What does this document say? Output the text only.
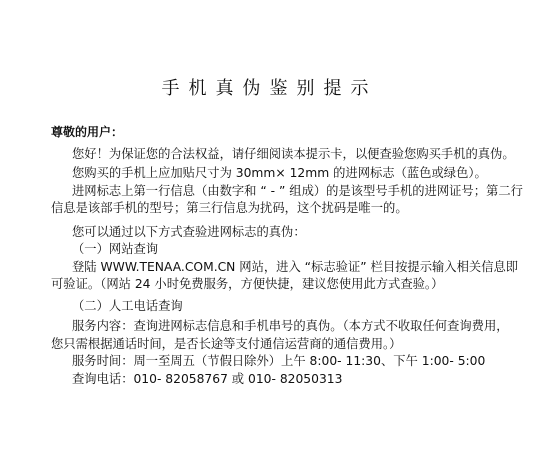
手机真伪鉴别提示
尊敬的用户：
您好！为保证您的合法权益，请仔细阅读本提示卡，以便查验您购买手机的真伪。
您购买的手机上应加贴尺寸为 30mm× 12mm 的进网标志（蓝色或绿色）。
进网标志上第一行信息（由数字和 “ - ” 组成）的是该型号手机的进网证号；第二行
信息是该部手机的型号；第三行信息为扰码，这个扰码是唯一的。
您可以通过以下方式查验进网标志的真伪：
（一）网站查询
登陆 WWW.TENAA.COM.CN 网站，进入 “标志验证” 栏目按提示输入相关信息即
可验证。（网站 24 小时免费服务，方便快捷，建议您使用此方式查验。）
（二）人工电话查询
服务内容：查询进网标志信息和手机串号的真伪。（本方式不收取任何查询费用，
您只需根据通话时间，是否长途等支付通信运营商的通信费用。）
服务时间：周一至周五（节假日除外）上午 8:00- 11:30、下午 1:00- 5:00
查询电话：010- 82058767 或 010- 82050313
